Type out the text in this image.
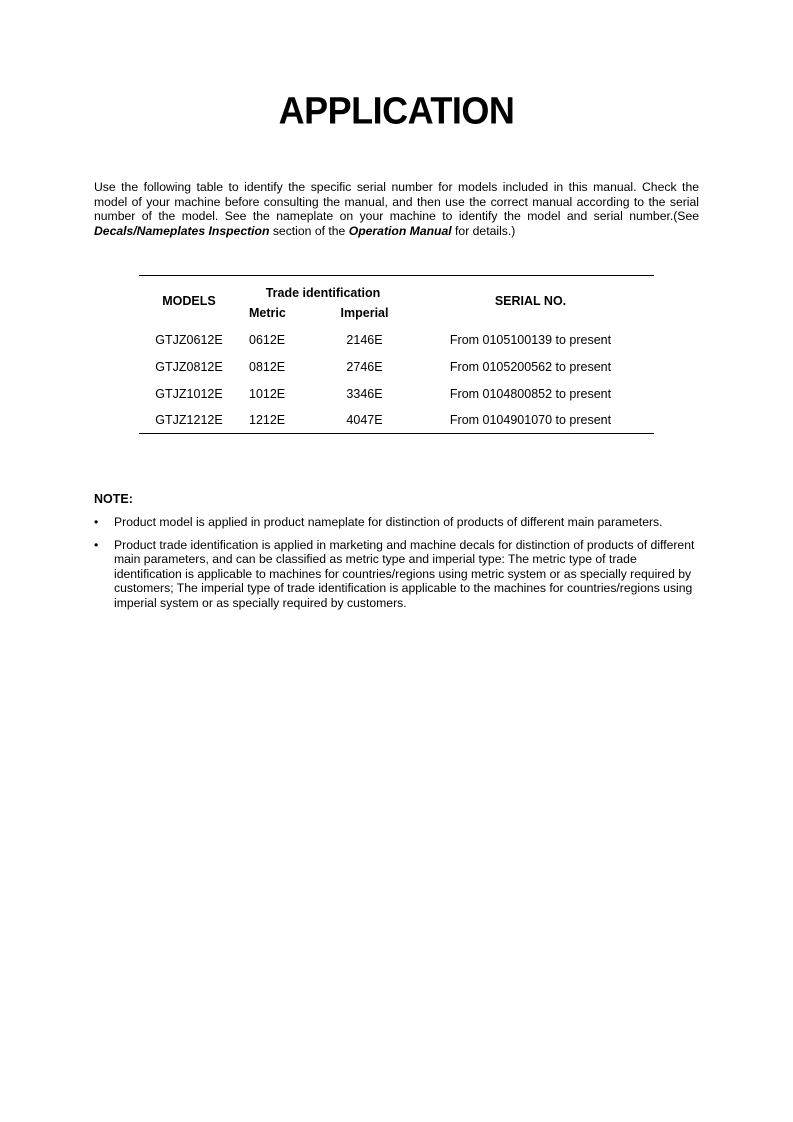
APPLICATION

Use the following table to identify the specific serial number for models included in this manual. Check the model of your machine before consulting the manual, and then use the correct manual according to the serial number of the model. See the nameplate on your machine to identify the model and serial number.(See Decals/Nameplates Inspection section of the Operation Manual for details.)

MODELS	Trade identification		SERIAL NO.
	Metric	Imperial	
GTJZ0612E	0612E	2146E	From 0105100139 to present
GTJZ0812E	0812E	2746E	From 0105200562 to present
GTJZ1012E	1012E	3346E	From 0104800852 to present
GTJZ1212E	1212E	4047E	From 0104901070 to present
NOTE:
• Product model is applied in product nameplate for distinction of products of different main parameters.
• Product trade identification is applied in marketing and machine decals for distinction of products of different main parameters, and can be classified as metric type and imperial type: The metric type of trade identification is applicable to machines for countries/regions using metric system or as specially required by customers; The imperial type of trade identification is applicable to the machines for countries/regions using imperial system or as specially required by customers.
